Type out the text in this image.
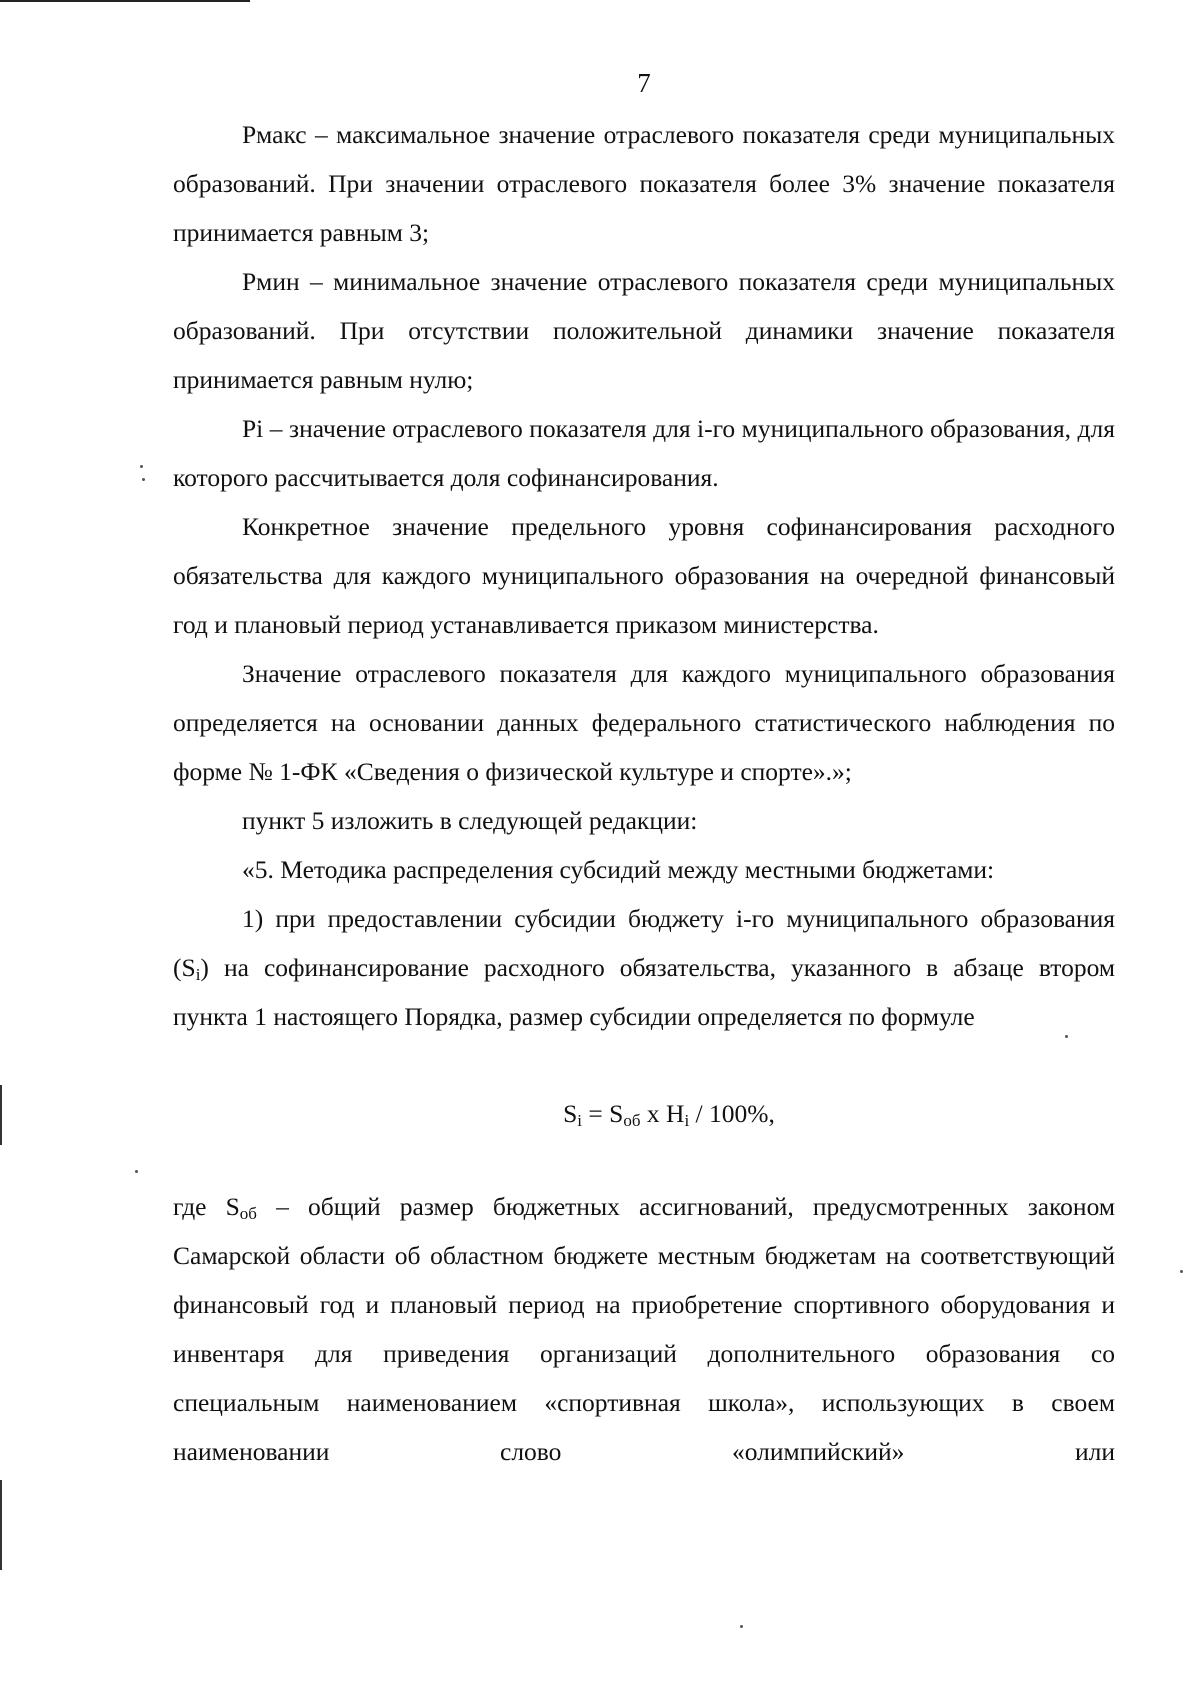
7

Рмакс – максимальное значение отраслевого показателя среди муниципальных образований. При значении отраслевого показателя более 3% значение показателя принимается равным 3;

Рмин – минимальное значение отраслевого показателя среди муниципальных образований. При отсутствии положительной динамики значение показателя принимается равным нулю;

Pi – значение отраслевого показателя для i-го муниципального образования, для которого рассчитывается доля софинансирования.

Конкретное значение предельного уровня софинансирования расходного обязательства для каждого муниципального образования на очередной финансовый год и плановый период устанавливается приказом министерства.

Значение отраслевого показателя для каждого муниципального образования определяется на основании данных федерального статистического наблюдения по форме № 1-ФК «Сведения о физической культуре и спорте».»;

пункт 5 изложить в следующей редакции:

«5. Методика распределения субсидий между местными бюджетами:

1) при предоставлении субсидии бюджету i-го муниципального образования $(S_i)$ на софинансирование расходного обязательства, указанного в абзаце втором пункта 1 настоящего Порядка, размер субсидии определяется по формуле

$S_i = S_{об}$ x $H_i / 100\%$,

где $S_{об}$ – общий размер бюджетных ассигнований, предусмотренных законом Самарской области об областном бюджете местным бюджетам на соответствующий финансовый год и плановый период на приобретение спортивного оборудования и инвентаря для приведения организаций дополнительного образования со специальным наименованием «спортивная школа», использующих в своем наименовании слово «олимпийский» или
